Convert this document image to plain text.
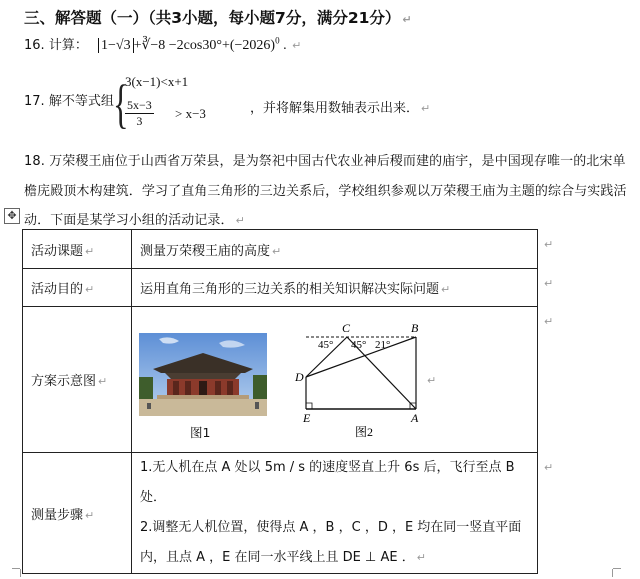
三、解答题（一）（共3小题，每小题7分，满分21分） ↵
16. 计算： 1−√3 +∛−8 $-2\cos 30^\circ+(-2026)^0$ . ↵
17. 解不等式组 {
3(x−1)<x+1
$\frac{5x-3}{3} > x-3$	，并将解集用数轴表示出来． ↵
18. 万荣稷王庙位于山西省万荣县，是为祭祀中国古代农业神后稷而建的庙宇，是中国现存唯一的北宋单
檐庑殿顶木构建筑．学习了直角三角形的三边关系后，学校组织参观以万荣稷王庙为主题的综合与实践活
✥ 动．下面是某学习小组的活动记录． ↵
活动课题 ↵	测量万荣稷王庙的高度 ↵
活动目的 ↵	运用直角三角形的三边关系的相关知识解决实际问题 ↵
方案示意图 ↵	
测量步骤 ↵	1.无人机在点 A 处以 5m / s 的速度竖直上升 6s 后，飞行至点 B 处．
2.调整无人机位置，使得点 A ，B ，C ，D ，E 均在同一竖直平面
内，且点 A ，E 在同一水平线上且 DE ⊥ AE ． ↵
图1
C	B
D
E	A
45° 45° 21°
图2
↵
↵
↵
↵
↵
